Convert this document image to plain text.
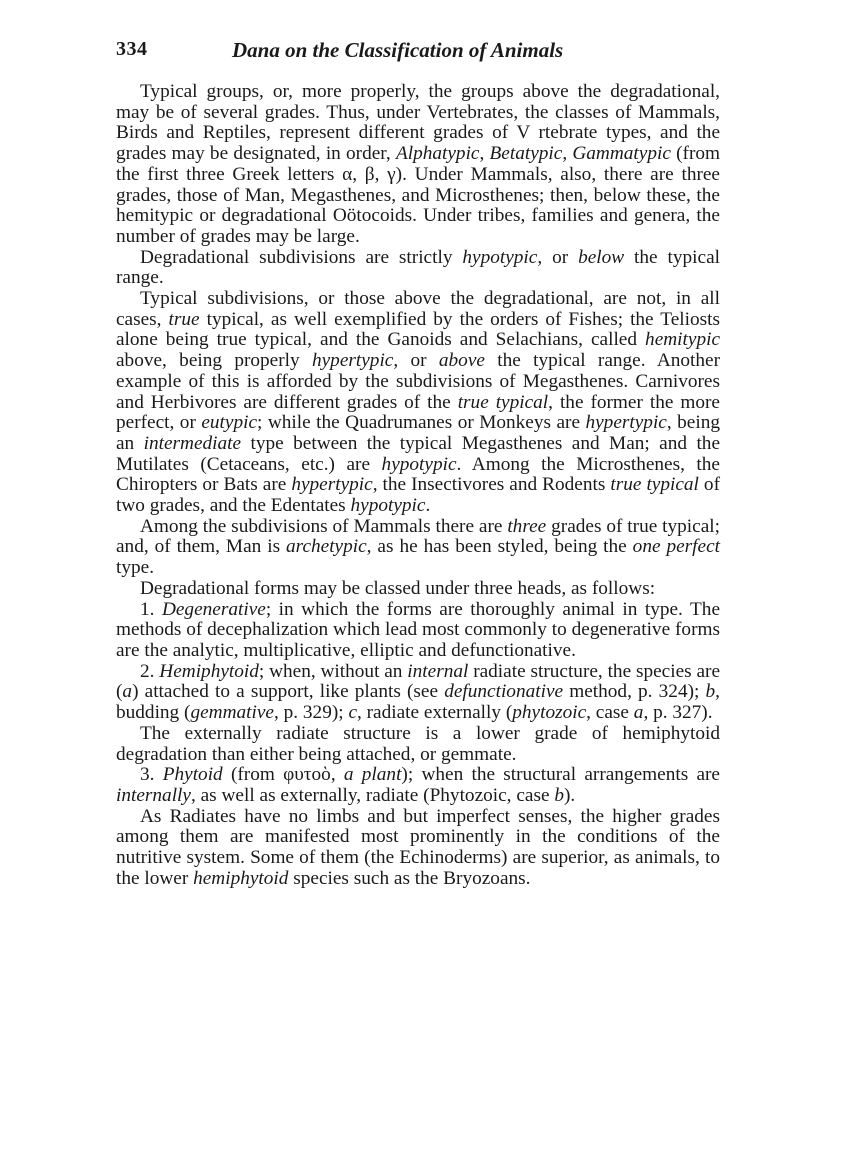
334	Dana on the Classification of Animals

Typical groups, or, more properly, the groups above the degradational, may be of several grades. Thus, under Vertebrates, the classes of Mammals, Birds and Reptiles, represent different grades of V rtebrate types, and the grades may be designated, in order, Alphatypic, Betatypic, Gammatypic (from the first three Greek letters α, β, γ). Under Mammals, also, there are three grades, those of Man, Megasthenes, and Microsthenes; then, below these, the hemitypic or degradational Oötocoids. Under tribes, families and genera, the number of grades may be large.

Degradational subdivisions are strictly hypotypic, or below the typical range.

Typical subdivisions, or those above the degradational, are not, in all cases, true typical, as well exemplified by the orders of Fishes; the Teliosts alone being true typical, and the Ganoids and Selachians, called hemitypic above, being properly hypertypic, or above the typical range. Another example of this is afforded by the subdivisions of Megasthenes. Carnivores and Herbivores are different grades of the true typical, the former the more perfect, or eutypic; while the Quadrumanes or Monkeys are hypertypic, being an intermediate type between the typical Megasthenes and Man; and the Mutilates (Cetaceans, etc.) are hypotypic. Among the Microsthenes, the Chiropters or Bats are hypertypic, the Insectivores and Rodents true typical of two grades, and the Edentates hypotypic.

Among the subdivisions of Mammals there are three grades of true typical; and, of them, Man is archetypic, as he has been styled, being the one perfect type.

Degradational forms may be classed under three heads, as follows:

1. Degenerative; in which the forms are thoroughly animal in type. The methods of decephalization which lead most commonly to degenerative forms are the analytic, multiplicative, elliptic and defunctionative.

2. Hemiphytoid; when, without an internal radiate structure, the species are (a) attached to a support, like plants (see defunctionative method, p. 324); b, budding (gemmative, p. 329); c, radiate externally (phytozoic, case a, p. 327).

The externally radiate structure is a lower grade of hemiphytoid degradation than either being attached, or gemmate.

3. Phytoid (from φυτοὸ, a plant); when the structural arrangements are internally, as well as externally, radiate (Phytozoic, case b).

As Radiates have no limbs and but imperfect senses, the higher grades among them are manifested most prominently in the conditions of the nutritive system. Some of them (the Echinoderms) are superior, as animals, to the lower hemiphytoid species such as the Bryozoans.
